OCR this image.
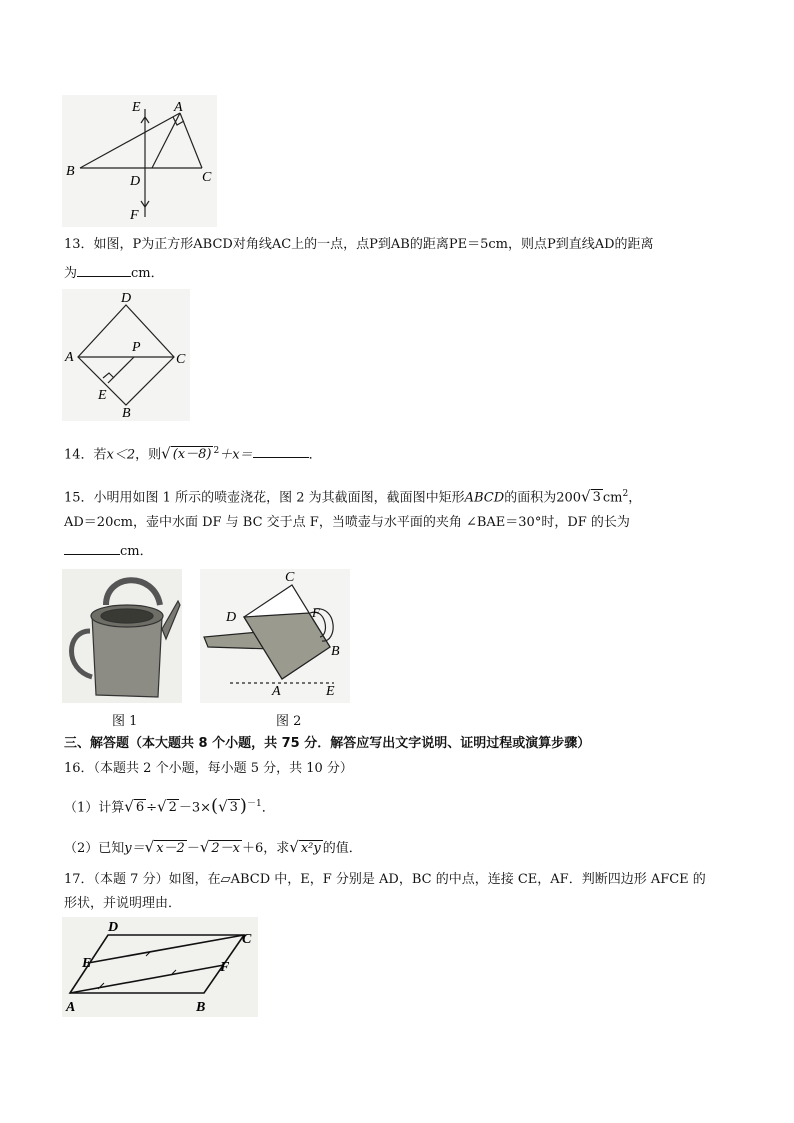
E A
B
D	C
F
13．如图，P为正方形ABCD对角线AC上的一点，点P到AB的距离PE＝5cm，则点P到直线AD的距离
为	cm．
D
P
A	C
E
B
14．若x＜2，则√ (x－8) $^2$＋x＝	．
15．小明用如图 1 所示的喷壶浇花，图 2 为其截面图，截面图中矩形ABCD的面积为200√ 3 $cm^2$，
AD＝20cm，壶中水面 DF 与 BC 交于点 F，当喷壶与水平面的夹角 ∠BAE＝30°时，DF 的长为
cm．
C
D	F
B
A	E
图 1	图 2
三、解答题（本大题共 8 个小题，共 75 分．解答应写出文字说明、证明过程或演算步骤）
16．（本题共 2 个小题，每小题 5 分，共 10 分）
（1）计算√ 6 ÷√ 2 －3×(√ 3 )$^{-1}$．
（2）已知y＝√ x－2 －√ 2－x ＋6，求√ x²y 的值．
17．（本题 7 分）如图，在▱ABCD 中，E，F 分别是 AD，BC 的中点，连接 CE，AF．判断四边形 AFCE 的
形状，并说明理由．
D
C
E	F
A	B
